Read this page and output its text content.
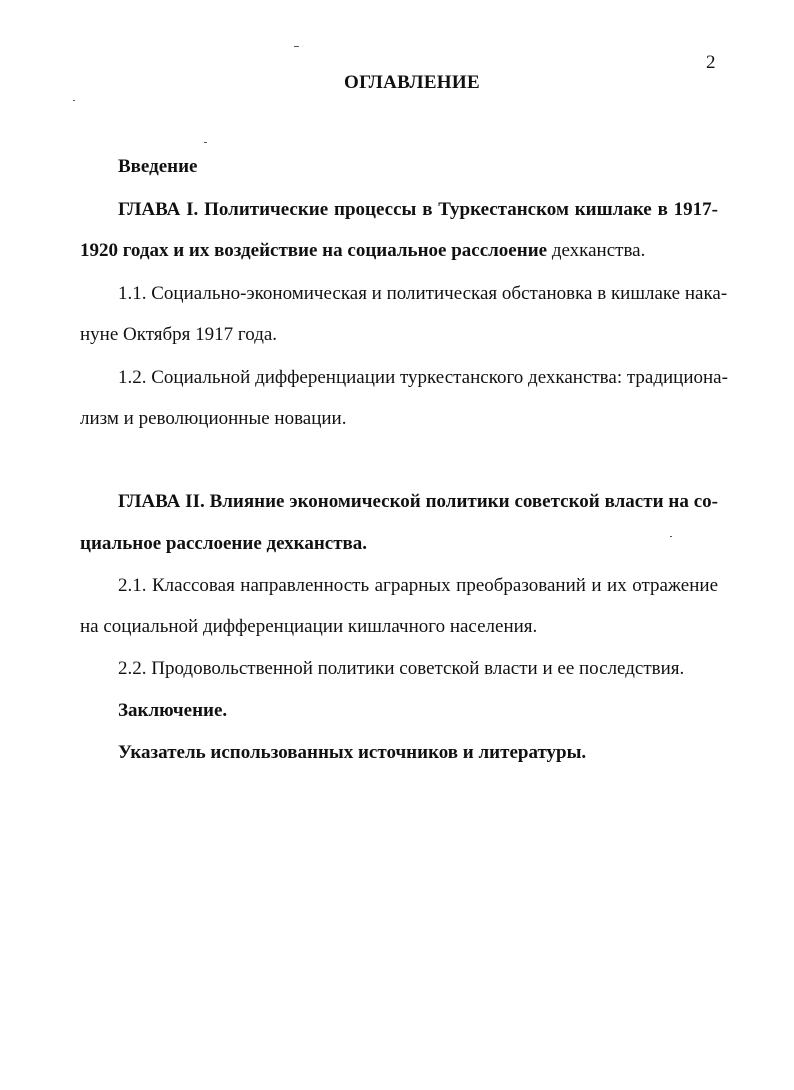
2
ОГЛАВЛЕНИЕ
Введение
ГЛАВА I. Политические процессы в Туркестанском кишлаке в 1917-
1920 годах и их воздействие на социальное расслоение дехканства.
1.1. Социально-экономическая и политическая обстановка в кишлаке нака-
нуне Октября 1917 года.
1.2. Социальной дифференциации туркестанского дехканства: традициона-
лизм и революционные новации.
ГЛАВА II. Влияние экономической политики советской власти на со-
циальное расслоение дехканства.
2.1. Классовая направленность аграрных преобразований и их отражение
на социальной дифференциации кишлачного населения.
2.2. Продовольственной политики советской власти и ее последствия.
Заключение.
Указатель использованных источников и литературы.
